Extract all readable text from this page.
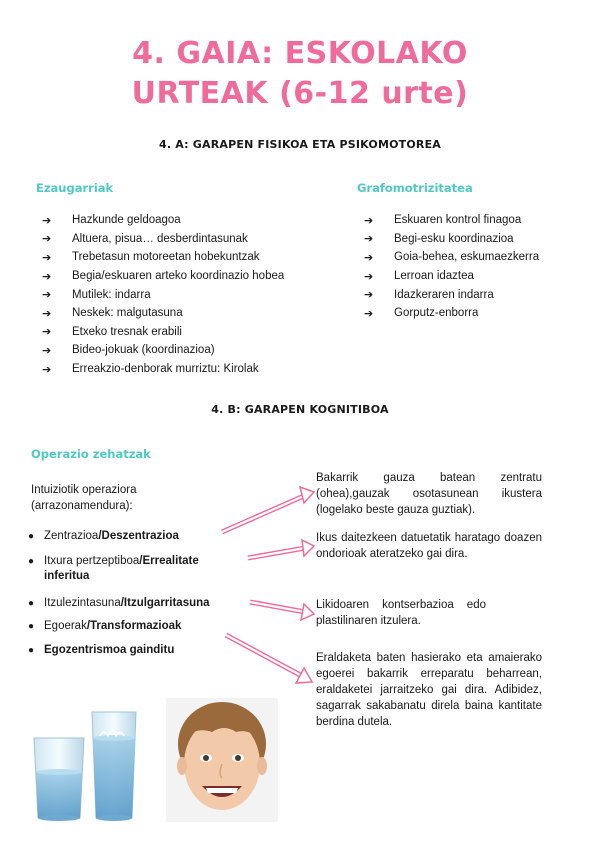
4. GAIA: ESKOLAKO
URTEAK (6-12 urte)
4. A: GARAPEN FISIKOA ETA PSIKOMOTOREA
Ezaugarriak	Grafomotrizitatea
➔	Hazkunde geldoagoa
➔	Altuera, pisua… desberdintasunak
➔	Trebetasun motoreetan hobekuntzak
➔	Begia/eskuaren arteko koordinazio hobea
➔	Mutilek: indarra
➔	Neskek: malgutasuna
➔	Etxeko tresnak erabili
➔	Bideo-jokuak (koordinazioa)
➔	Erreakzio-denborak murriztu: Kirolak
➔	Eskuaren kontrol finagoa
➔	Begi-esku koordinazioa
➔	Goia-behea, eskumaezkerra
➔	Lerroan idaztea
➔	Idazkeraren indarra
➔	Gorputz-enborra
4. B: GARAPEN KOGNITIBOA
Operazio zehatzak
Intuiziotik operaziora (arrazonamendura):
● Zentrazioa/Deszentrazioa
● Itxura pertzeptiboa/Errealitate inferitua
● Itzulezintasuna/Itzulgarritasuna
● Egoerak/Transformazioak
● Egozentrismoa gainditu
Bakarrik gauza batean zentratu (ohea),gauzak osotasunean ikustera (logelako beste gauza guztiak).
Ikus daitezkeen datuetatik haratago doazen ondorioak ateratzeko gai dira.
Likidoaren kontserbazioa edo plastilinaren itzulera.
Eraldaketa baten hasierako eta amaierako egoerei bakarrik erreparatu beharrean, eraldaketei jarraitzeko gai dira. Adibidez, sagarrak sakabanatu direla baina kantitate berdina dutela.
